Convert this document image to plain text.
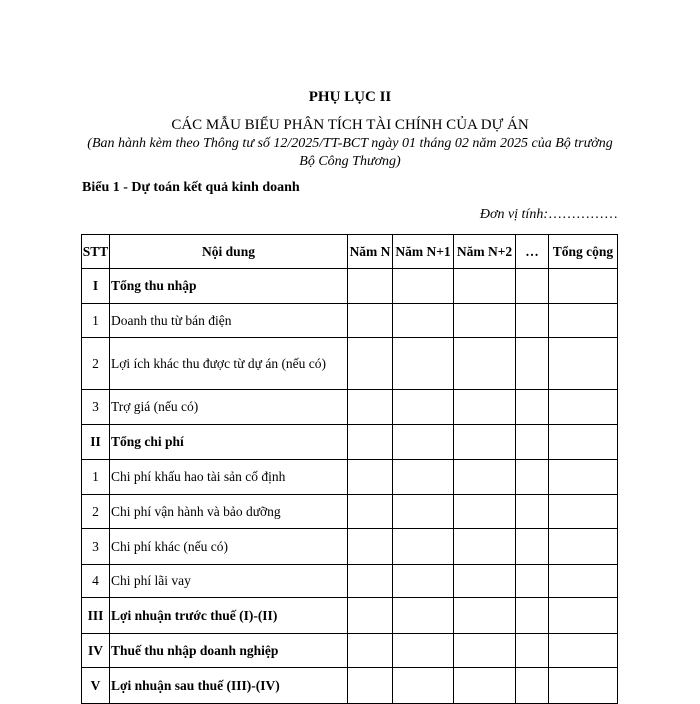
PHỤ LỤC II
CÁC MẪU BIỂU PHÂN TÍCH TÀI CHÍNH CỦA DỰ ÁN
(Ban hành kèm theo Thông tư số 12/2025/TT-BCT ngày 01 tháng 02 năm 2025 của Bộ trưởng Bộ Công Thương)
Biểu 1 - Dự toán kết quả kinh doanh
Đơn vị tính:……………
STT	Nội dung	Năm N	Năm N+1	Năm N+2	…	Tổng cộng
I	Tổng thu nhập					
1	Doanh thu từ bán điện					
2	Lợi ích khác thu được từ dự án (nếu có)					
3	Trợ giá (nếu có)					
II	Tổng chi phí					
1	Chi phí khấu hao tài sản cố định					
2	Chi phí vận hành và bảo dưỡng					
3	Chi phí khác (nếu có)					
4	Chi phí lãi vay					
III	Lợi nhuận trước thuế (I)-(II)					
IV	Thuế thu nhập doanh nghiệp					
V	Lợi nhuận sau thuế (III)-(IV)					
